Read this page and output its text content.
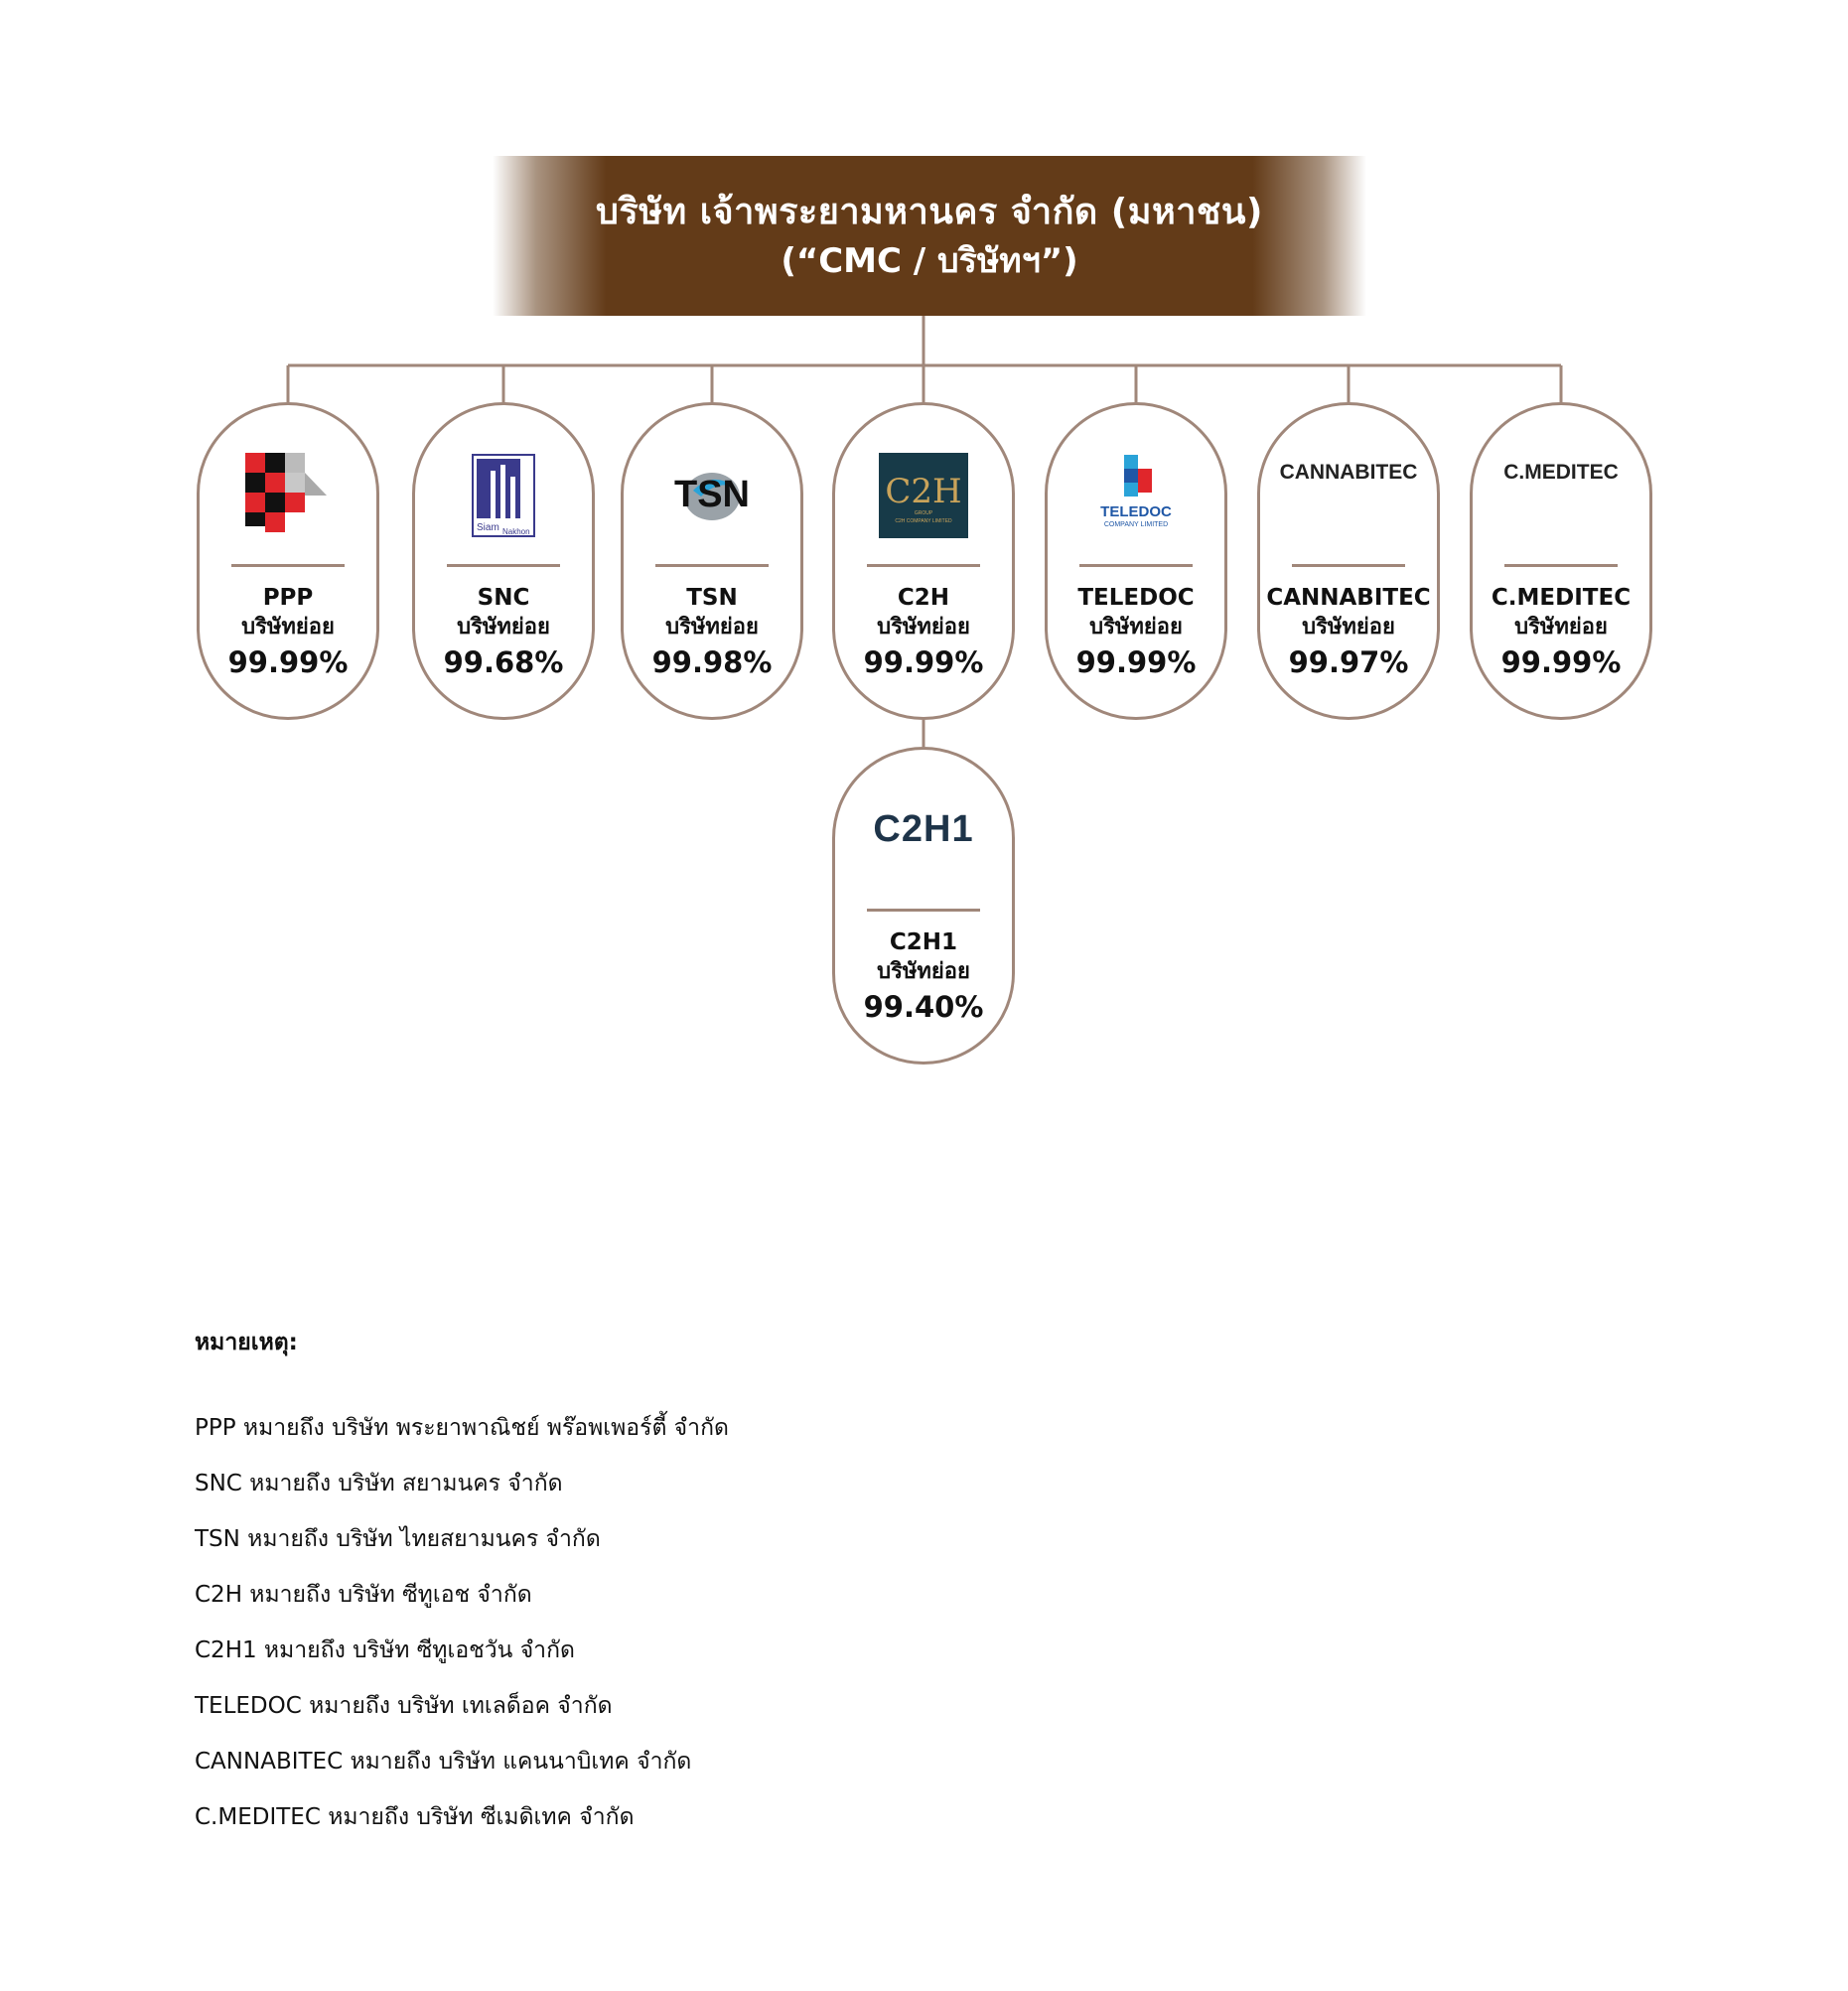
บริษัท เจ้าพระยามหานคร จำกัด (มหาชน)
(“CMC / บริษัทฯ”)
PPP
บริษัทย่อย
99.99%
Siam Nakhon
SNC
บริษัทย่อย
99.68%
TSN
TSN
บริษัทย่อย
99.98%
C2H
GROUP
C2H COMPANY LIMITED
C2H
บริษัทย่อย
99.99%
TELEDOC
COMPANY LIMITED
TELEDOC
บริษัทย่อย
99.99%
CANNABITEC
CANNABITEC
บริษัทย่อย
99.97%
C.MEDITEC
C.MEDITEC
บริษัทย่อย
99.99%
C2H1
C2H1
บริษัทย่อย
99.40%
หมายเหตุ:
PPP หมายถึง บริษัท พระยาพาณิชย์ พร๊อพเพอร์ตี้ จำกัด
SNC หมายถึง บริษัท สยามนคร จำกัด
TSN หมายถึง บริษัท ไทยสยามนคร จำกัด
C2H หมายถึง บริษัท ซีทูเอช จำกัด
C2H1 หมายถึง บริษัท ซีทูเอชวัน จำกัด
TELEDOC หมายถึง บริษัท เทเลด็อค จำกัด
CANNABITEC หมายถึง บริษัท แคนนาบิเทค จำกัด
C.MEDITEC หมายถึง บริษัท ซีเมดิเทค จำกัด
